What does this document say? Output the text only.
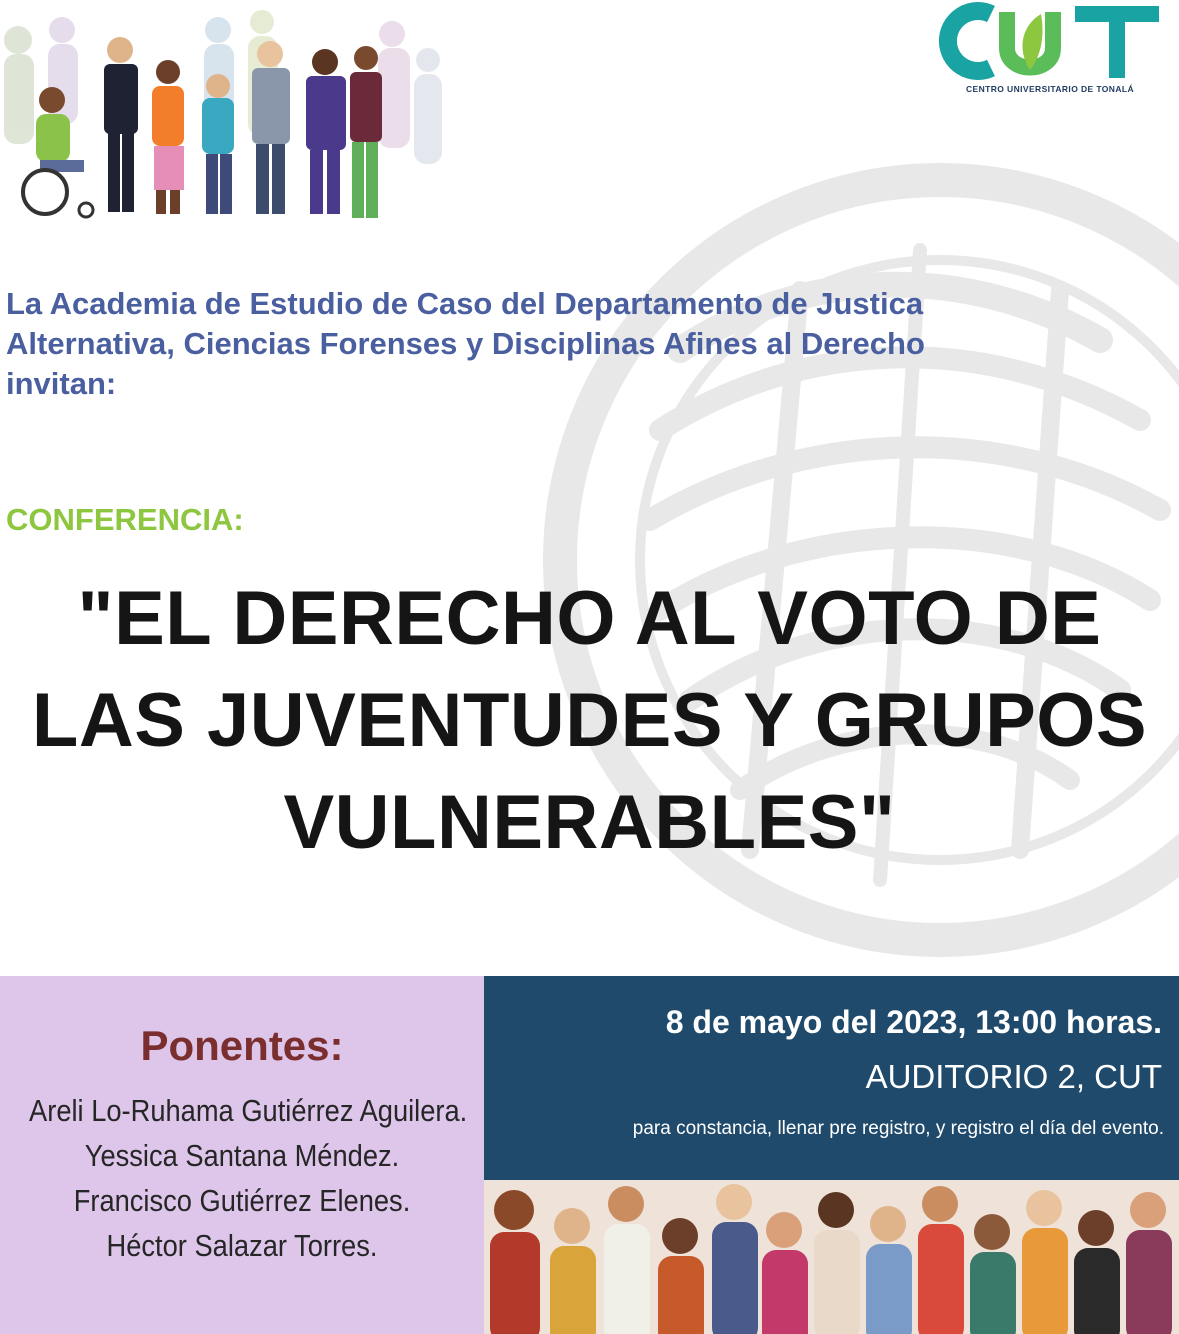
CENTRO UNIVERSITARIO DE TONALÁ
La Academia de Estudio de Caso del Departamento de Justica
Alternativa, Ciencias Forenses y Disciplinas Afines al Derecho
invitan:
CONFERENCIA:
"EL DERECHO AL VOTO DE
LAS JUVENTUDES Y GRUPOS
VULNERABLES"
Ponentes:
Areli Lo-Ruhama Gutiérrez Aguilera.
Yessica Santana Méndez.
Francisco Gutiérrez Elenes.
Héctor Salazar Torres.
8 de mayo del 2023, 13:00 horas.
AUDITORIO 2, CUT
para constancia, llenar pre registro, y registro el día del evento.
